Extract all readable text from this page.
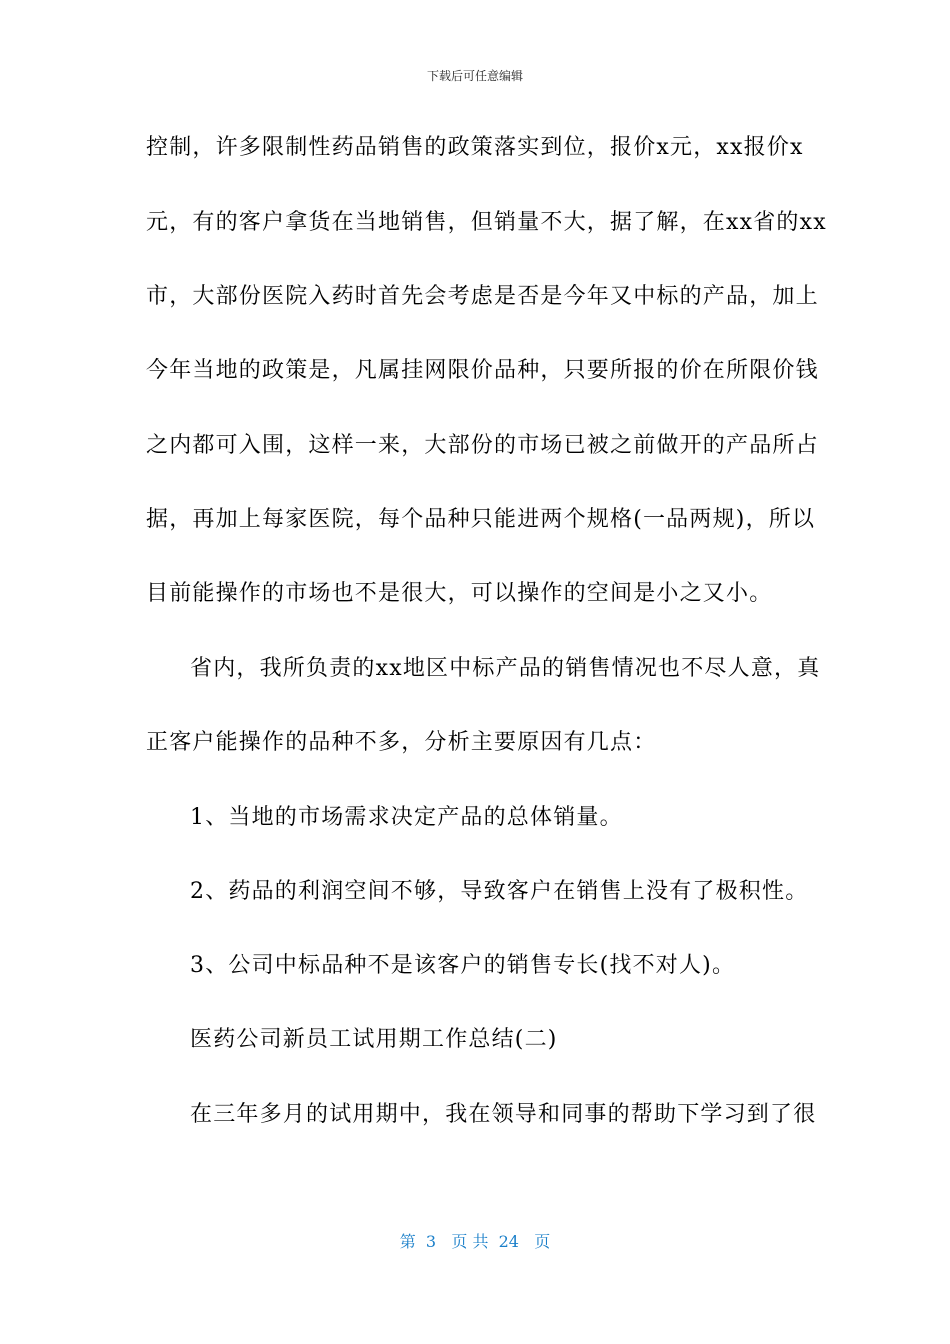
下载后可任意编辑
控制，许多限制性药品销售的政策落实到位，报价x元，xx报价x
元，有的客户拿货在当地销售，但销量不大，据了解，在xx省的xx
市，大部份医院入药时首先会考虑是否是今年又中标的产品，加上
今年当地的政策是，凡属挂网限价品种，只要所报的价在所限价钱
之内都可入围，这样一来，大部份的市场已被之前做开的产品所占
据，再加上每家医院，每个品种只能进两个规格(一品两规)，所以
目前能操作的市场也不是很大，可以操作的空间是小之又小。
省内，我所负责的xx地区中标产品的销售情况也不尽人意，真
正客户能操作的品种不多，分析主要原因有几点：
1、当地的市场需求决定产品的总体销量。
2、药品的利润空间不够，导致客户在销售上没有了极积性。
3、公司中标品种不是该客户的销售专长(找不对人)。
医药公司新员工试用期工作总结(二)
在三年多月的试用期中，我在领导和同事的帮助下学习到了很
第  3   页 共  24   页
